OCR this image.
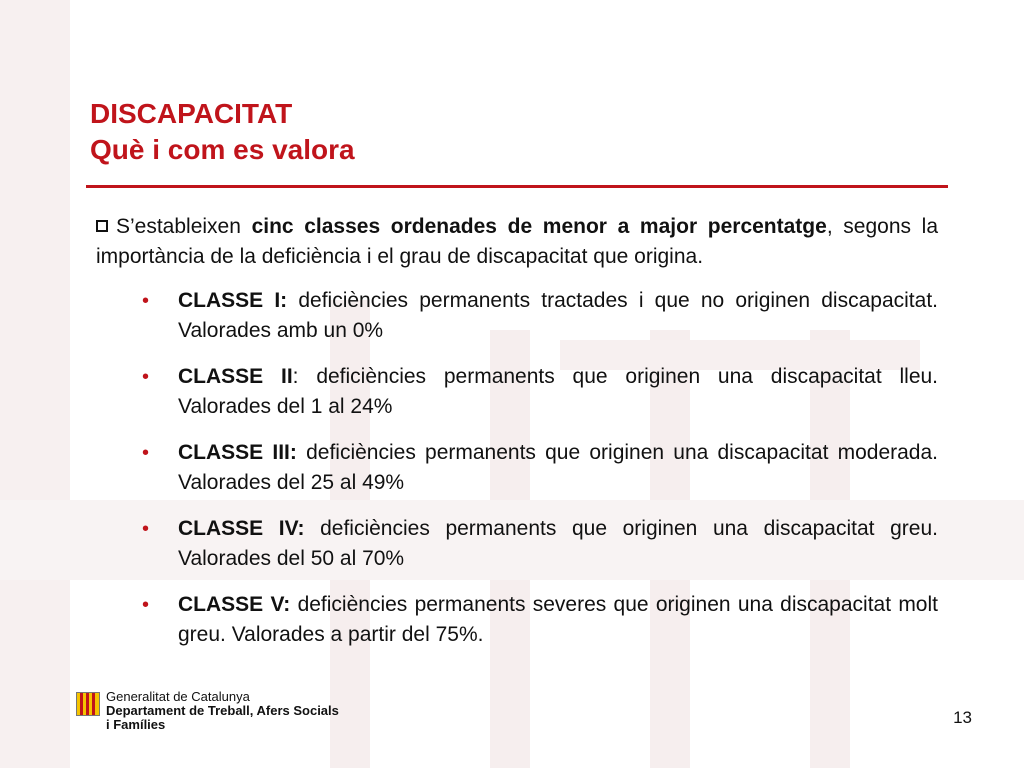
DISCAPACITAT
Què i com es valora

S’estableixen cinc classes ordenades de menor a major percentatge, segons la importància de la deficiència i el grau de discapacitat que origina.

• CLASSE I: deficiències permanents tractades i que no originen discapacitat. Valorades amb un 0%
• CLASSE II: deficiències permanents que originen una discapacitat lleu. Valorades del 1 al 24%
• CLASSE III: deficiències permanents que originen una discapacitat moderada. Valorades del 25 al 49%
• CLASSE IV: deficiències permanents que originen una discapacitat greu. Valorades del 50 al 70%
• CLASSE V: deficiències permanents severes que originen una discapacitat molt greu. Valorades a partir del 75%.
Generalitat de Catalunya
Departament de Treball, Afers Socials
i Famílies	13
